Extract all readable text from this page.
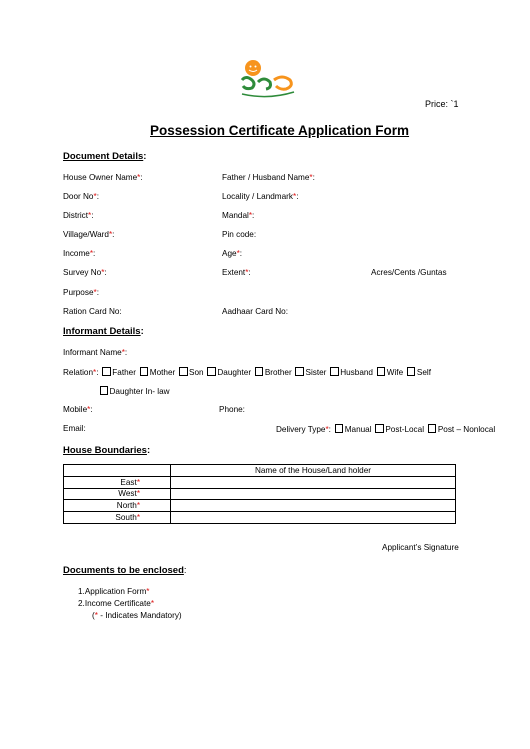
Price: `1
Possession Certificate Application Form
Document Details:
House Owner Name*:	Father / Husband Name*:
Door No*:	Locality / Landmark*:
District*:	Mandal*:
Village/Ward*:	Pin code:
Income*:	Age*:
Survey No*:	Extent*:	Acres/Cents /Guntas
Purpose*:
Ration Card No:	Aadhaar Card No:
Informant Details:
Informant Name*:
Relation*: Father Mother Son Daughter Brother Sister Husband Wife Self
Daughter In- law
Mobile*:	Phone:
Email:	Delivery Type*: Manual Post-Local Post – Nonlocal
House Boundaries:
	Name of the House/Land holder
East*	
West*	
North*	
South*	
Applicant’s Signature
Documents to be enclosed:
1.Application Form*
2.Income Certificate*
(* - Indicates Mandatory)
